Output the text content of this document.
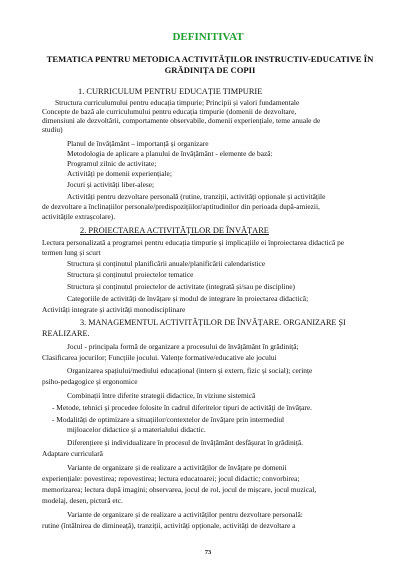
DEFINITIVAT
TEMATICA PENTRU METODICA ACTIVITĂȚILOR INSTRUCTIV-EDUCATIVE ÎN
GRĂDINIȚA DE COPII
1. CURRICULUM PENTRU EDUCAȚIE TIMPURIE
Structura curriculumului pentru educația timpurie; Principii și valori fundamentale
Concepte de bază ale curriculumului pentru educația timpurie (domenii de dezvoltare,
dimensiuni ale dezvoltării, comportamente observabile, domenii experiențiale, teme anuale de
studiu)
Planul de învățământ – importanță și organizare
Metodologia de aplicare a planului de învățământ - elemente de bază:
Programul zilnic de activitate;
Activități pe domenii experiențiale;
Jocuri și activități liber-alese;
Activități pentru dezvoltare personală (rutine, tranziții, activități opționale și activitățile
de dezvoltare a înclinațiilor personale/predispozițiilor/aptitudinilor din perioada după-amiezii,
activitățile extrașcolare).
2. PROIECTAREA ACTIVITĂȚILOR DE ÎNVĂȚARE
Lectura personalizată a programei pentru educația timpurie și implicațiile ei înproiectarea didactică pe
termen lung și scurt
Structura și conținutul planificării anuale/planificării calendaristice
Structura și conținutul proiectelor tematice
Structura și conținutul proiectelor de activitate (integrată și/sau pe discipline)
Categoriile de activități de învățare și modul de integrare în proiectarea didactică;
Activități integrate și activități monodisciplinare
3. MANAGEMENTUL ACTIVITĂȚILOR DE ÎNVĂȚARE. ORGANIZARE ȘI
REALIZARE.
Jocul - principala formă de organizare a procesului de învățământ în grădiniță;
Clasificarea jocurilor; Funcțiile jocului. Valențe formative/educative ale jocului
Organizarea spațiului/mediului educațional (intern și extern, fizic și social); cerințe
psiho-pedagogice și ergonomice
Combinații între diferite strategii didactice, în viziune sistemică
- Metode, tehnici și procedee folosite în cadrul diferitelor tipuri de activități de învățare.
- Modalități de optimizare a situațiilor/contextelor de învățare prin intermediul
mijloacelor didactice și a materialului didactic.
Diferențiere și individualizare în procesul de învățământ desfășurat în grădiniță.
Adaptare curriculară
Variante de organizare și de realizare a activităților de învățare pe domenii
experiențiale: povestirea; repovestirea; lectura educatoarei; jocul didactic; convorbirea;
memorizarea; lectura după imagini; observarea, jocul de rol, jocul de mișcare, jocul muzical,
modelaj, desen, pictură etc.
Variante de organizare și de realizare a activităților pentru dezvoltare personală:
rutine (întâlnirea de dimineață), tranziții, activități opționale, activități de dezvoltare a
73
